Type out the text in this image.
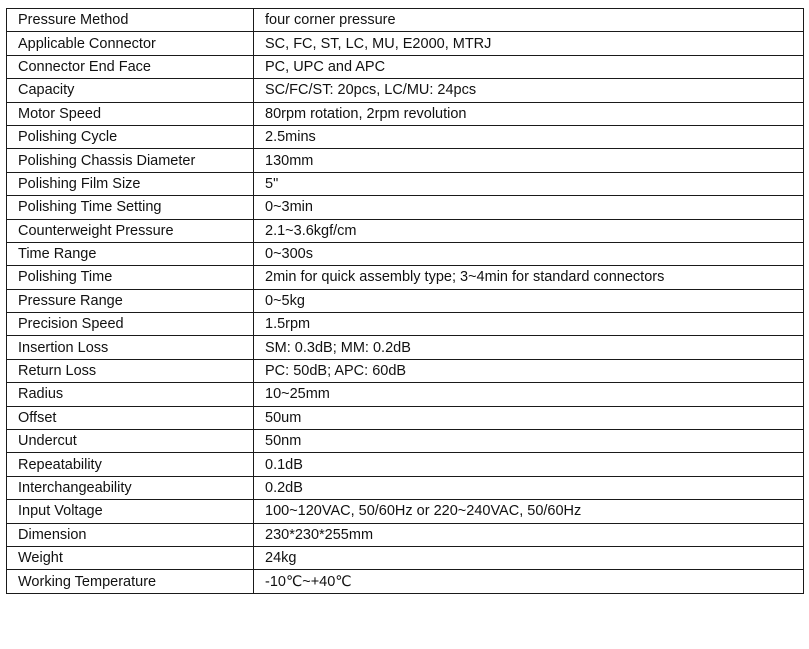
Pressure Method	four corner pressure
Applicable Connector	SC, FC, ST, LC, MU, E2000, MTRJ
Connector End Face	PC, UPC and APC
Capacity	SC/FC/ST: 20pcs, LC/MU: 24pcs
Motor Speed	80rpm rotation, 2rpm revolution
Polishing Cycle	2.5mins
Polishing Chassis Diameter	130mm
Polishing Film Size	5"
Polishing Time Setting	0~3min
Counterweight Pressure	2.1~3.6kgf/cm
Time Range	0~300s
Polishing Time	2min for quick assembly type; 3~4min for standard connectors
Pressure Range	0~5kg
Precision Speed	1.5rpm
Insertion Loss	SM: 0.3dB; MM: 0.2dB
Return Loss	PC: 50dB; APC: 60dB
Radius	10~25mm
Offset	50um
Undercut	50nm
Repeatability	0.1dB
Interchangeability	0.2dB
Input Voltage	100~120VAC, 50/60Hz or 220~240VAC, 50/60Hz
Dimension	230*230*255mm
Weight	24kg
Working Temperature	-10℃~+40℃
